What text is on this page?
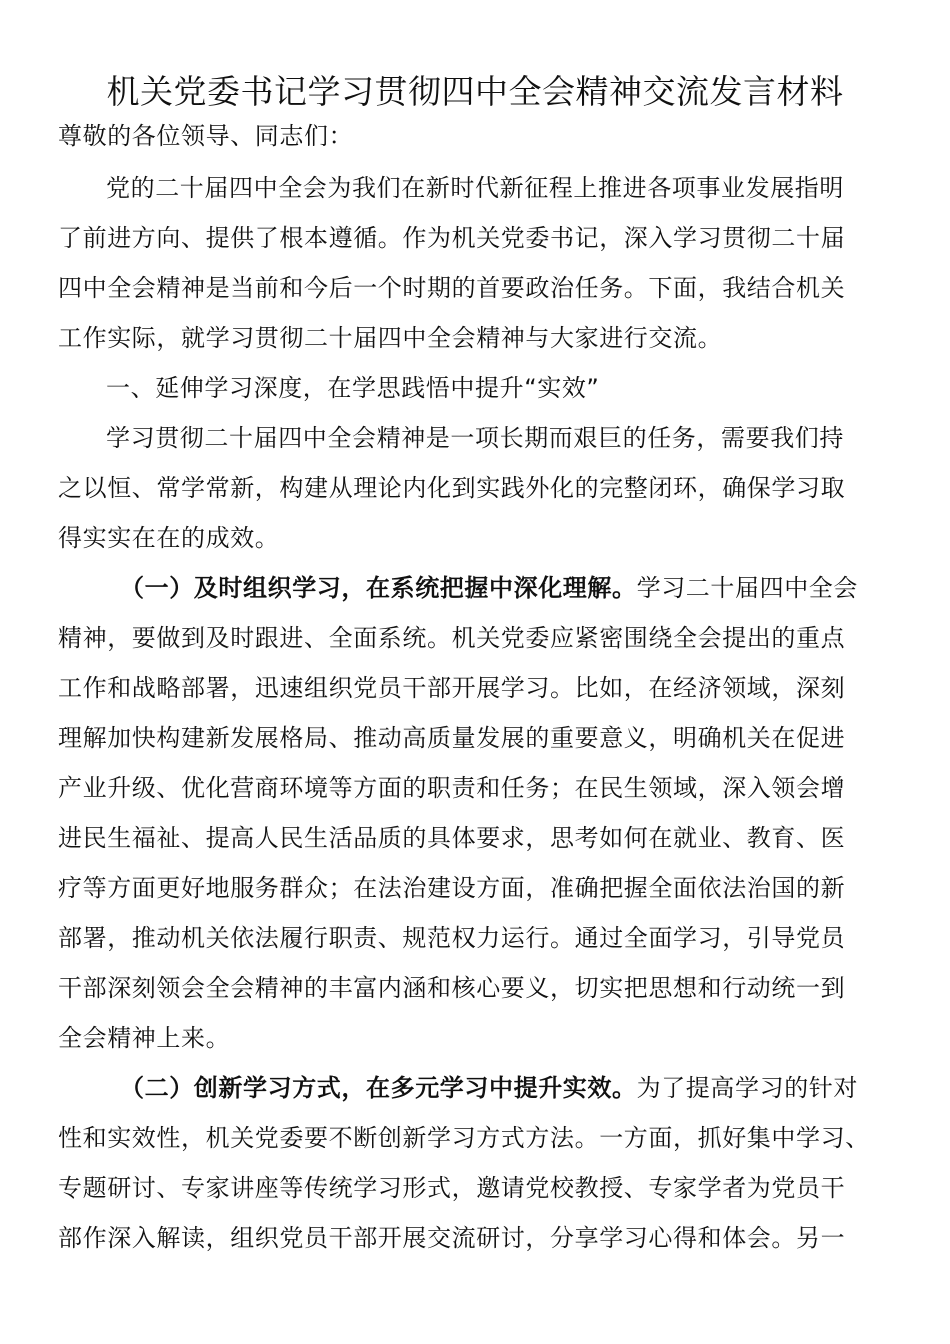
机关党委书记学习贯彻四中全会精神交流发言材料
尊敬的各位领导、同志们：
党的二十届四中全会为我们在新时代新征程上推进各项事业发展指明
了前进方向、提供了根本遵循。作为机关党委书记，深入学习贯彻二十届
四中全会精神是当前和今后一个时期的首要政治任务。下面，我结合机关
工作实际，就学习贯彻二十届四中全会精神与大家进行交流。
一、延伸学习深度，在学思践悟中提升“实效”
学习贯彻二十届四中全会精神是一项长期而艰巨的任务，需要我们持
之以恒、常学常新，构建从理论内化到实践外化的完整闭环，确保学习取
得实实在在的成效。
（一）及时组织学习，在系统把握中深化理解。学习二十届四中全会
精神，要做到及时跟进、全面系统。机关党委应紧密围绕全会提出的重点
工作和战略部署，迅速组织党员干部开展学习。比如，在经济领域，深刻
理解加快构建新发展格局、推动高质量发展的重要意义，明确机关在促进
产业升级、优化营商环境等方面的职责和任务；在民生领域，深入领会增
进民生福祉、提高人民生活品质的具体要求，思考如何在就业、教育、医
疗等方面更好地服务群众；在法治建设方面，准确把握全面依法治国的新
部署，推动机关依法履行职责、规范权力运行。通过全面学习，引导党员
干部深刻领会全会精神的丰富内涵和核心要义，切实把思想和行动统一到
全会精神上来。
（二）创新学习方式，在多元学习中提升实效。为了提高学习的针对
性和实效性，机关党委要不断创新学习方式方法。一方面，抓好集中学习、
专题研讨、专家讲座等传统学习形式，邀请党校教授、专家学者为党员干
部作深入解读，组织党员干部开展交流研讨，分享学习心得和体会。另一
